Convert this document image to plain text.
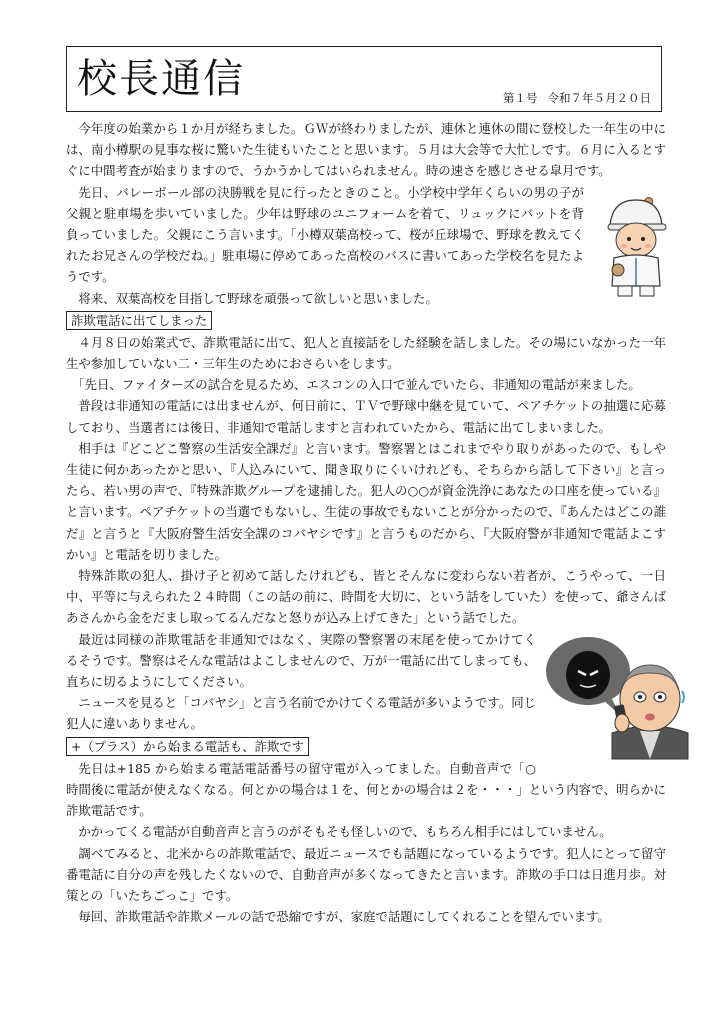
校長通信	第１号 令和７年５月２０日

今年度の始業から１か月が経ちました。ＧＷが終わりましたが、連休と連休の間に登校した一年生の中には、南小樽駅の見事な桜に驚いた生徒もいたことと思います。５月は大会等で大忙しです。６月に入るとすぐに中間考査が始まりますので、うかうかしてはいられません。時の速さを感じさせる皐月です。

先日、バレーボール部の決勝戦を見に行ったときのこと。小学校中学年くらいの男の子が父親と駐車場を歩いていました。少年は野球のユニフォームを着て、リュックにバットを背負っていました。父親にこう言います。「小樽双葉高校って、桜が丘球場で、野球を教えてくれたお兄さんの学校だね。」駐車場に停めてあった高校のバスに書いてあった学校名を見たようです。

将来、双葉高校を目指して野球を頑張って欲しいと思いました。

詐欺電話に出てしまった

４月８日の始業式で、詐欺電話に出て、犯人と直接話をした経験を話しました。その場にいなかった一年生や参加していない二・三年生のためにおさらいをします。

「先日、ファイターズの試合を見るため、エスコンの入口で並んでいたら、非通知の電話が来ました。

普段は非通知の電話には出ませんが、何日前に、ＴＶで野球中継を見ていて、ペアチケットの抽選に応募しており、当選者には後日、非通知で電話しますと言われていたから、電話に出てしまいました。

相手は『どこどこ警察の生活安全課だ』と言います。警察署とはこれまでやり取りがあったので、もしや生徒に何かあったかと思い、『人込みにいて、聞き取りにくいけれども、そちらから話して下さい』と言ったら、若い男の声で、『特殊詐欺グループを逮捕した。犯人の○○が資金洗浄にあなたの口座を使っている』と言います。ペアチケットの当選でもないし、生徒の事故でもないことが分かったので、『あんたはどこの誰だ』と言うと『大阪府警生活安全課のコバヤシです』と言うものだから、『大阪府警が非通知で電話よこすかい』と電話を切りました。

特殊詐欺の犯人、掛け子と初めて話したけれども、皆とそんなに変わらない若者が、こうやって、一日中、平等に与えられた２４時間（この話の前に、時間を大切に、という話をしていた）を使って、爺さんばあさんから金をだまし取ってるんだなと怒りが込み上げてきた」という話でした。

最近は同様の詐欺電話を非通知ではなく、実際の警察署の末尾を使ってかけてくるそうです。警察はそんな電話はよこしませんので、万が一電話に出てしまっても、直ちに切るようにしてください。

ニュースを見ると「コバヤシ」と言う名前でかけてくる電話が多いようです。同じ犯人に違いありません。

+（プラス）から始まる電話も、詐欺です

先日は+185 から始まる電話電話番号の留守電が入ってました。自動音声で「○時間後に電話が使えなくなる。何とかの場合は１を、何とかの場合は２を・・・」という内容で、明らかに詐欺電話です。

かかってくる電話が自動音声と言うのがそもそも怪しいので、もちろん相手にはしていません。

調べてみると、北米からの詐欺電話で、最近ニュースでも話題になっているようです。犯人にとって留守番電話に自分の声を残したくないので、自動音声が多くなってきたと言います。詐欺の手口は日進月歩。対策との「いたちごっこ」です。

毎回、詐欺電話や詐欺メールの話で恐縮ですが、家庭で話題にしてくれることを望んでいます。
